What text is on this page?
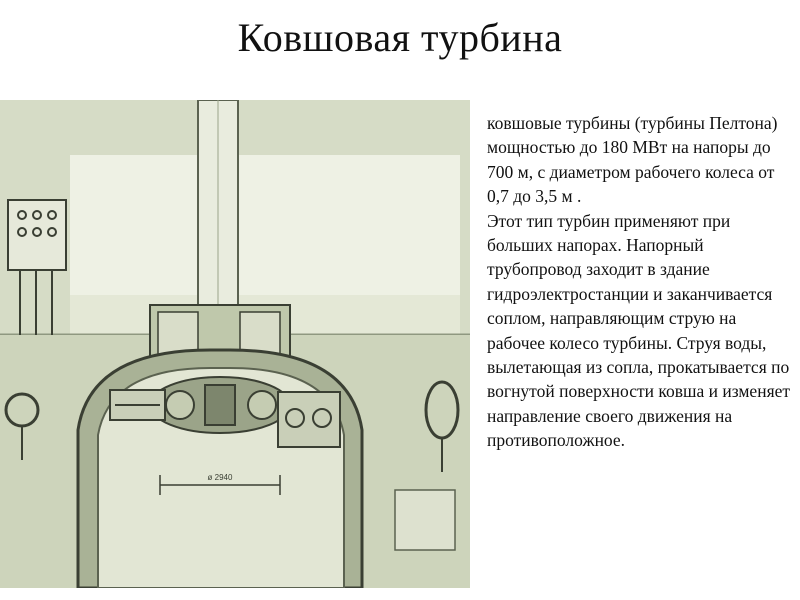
Ковшовая турбина
ø 2940

ковшовые турбины (турбины Пелтона) мощностью до 180 МВт на напоры до 700 м, с диаметром рабочего колеса от 0,7 до 3,5 м .

Этот тип турбин применяют при больших напорах. Напорный трубопровод заходит в здание гидроэлектростанции и заканчивается соплом, направляющим струю на рабочее колесо турбины. Струя воды, вылетающая из сопла, прокатывается по вогнутой поверхности ковша и изменяет направление своего движения на противоположное.
